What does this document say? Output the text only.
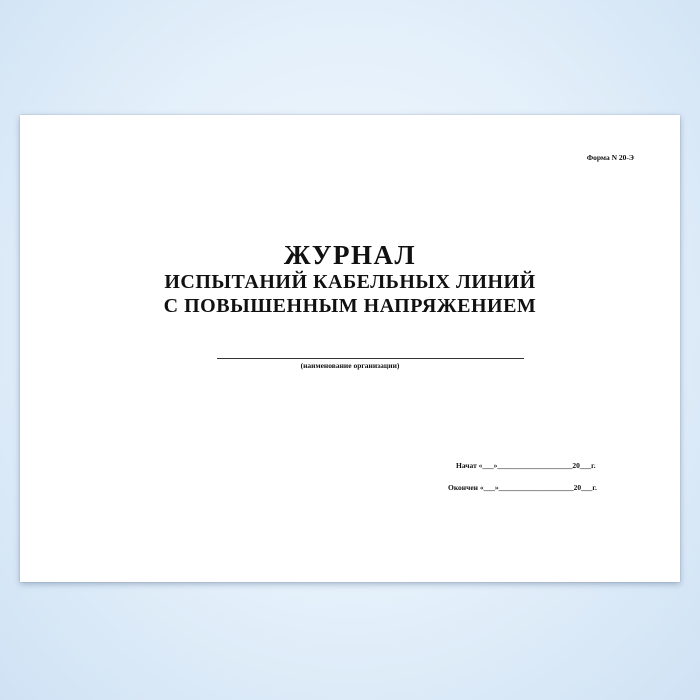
Форма N 20-Э
ЖУРНАЛ
ИСПЫТАНИЙ КАБЕЛЬНЫХ ЛИНИЙ
С ПОВЫШЕННЫМ НАПРЯЖЕНИЕМ
(наименование организации)
Начат «___»____________________20___г.
Окончен «___»____________________20___г.
